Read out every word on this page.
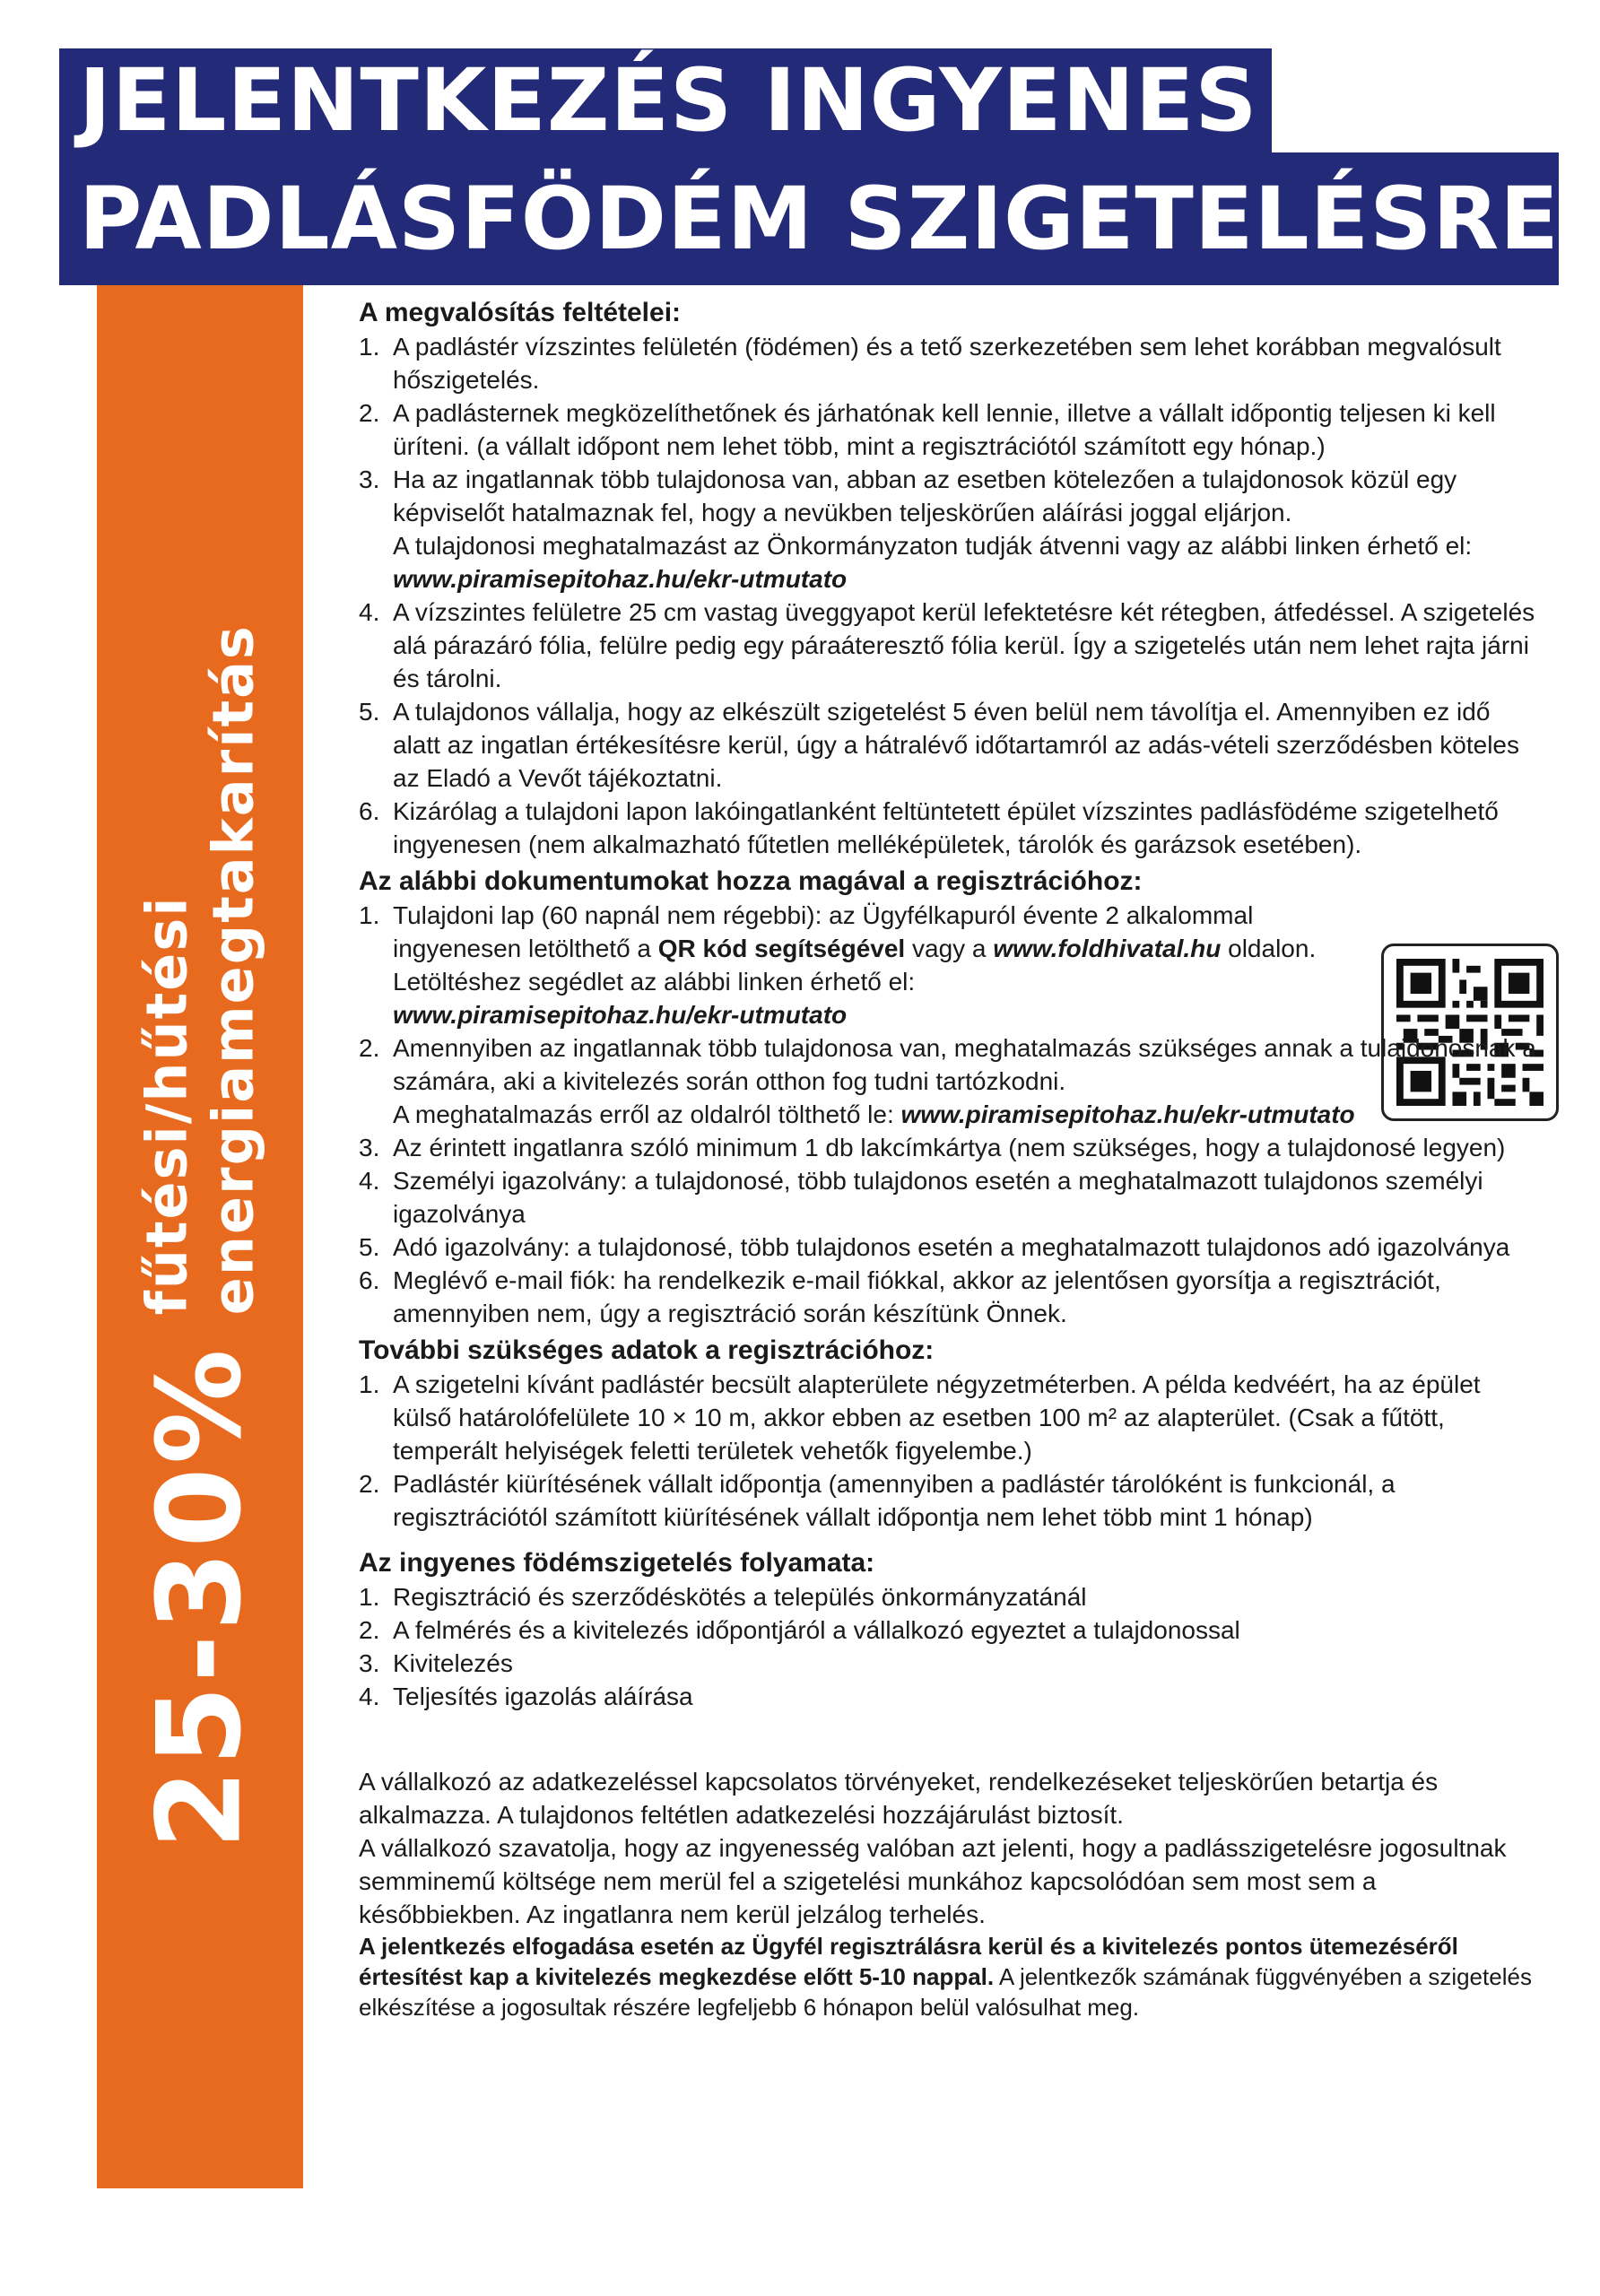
JELENTKEZÉS INGYENES
PADLÁSFÖDÉM SZIGETELÉSRE
25-30%
fűtési/hűtési energiamegtakarítás
A megvalósítás feltételei:
1. A padlástér vízszintes felületén (födémen) és a tető szerkezetében sem lehet korábban megvalósult hőszigetelés.
2. A padlásternek megközelíthetőnek és járhatónak kell lennie, illetve a vállalt időpontig teljesen ki kell üríteni. (a vállalt időpont nem lehet több, mint a regisztrációtól számított egy hónap.)
3. Ha az ingatlannak több tulajdonosa van, abban az esetben kötelezően a tulajdonosok közül egy képviselőt hatalmaznak fel, hogy a nevükben teljeskörűen aláírási joggal eljárjon.
A tulajdonosi meghatalmazást az Önkormányzaton tudják átvenni vagy az alábbi linken érhető el: www.piramisepitohaz.hu/ekr-utmutato
4. A vízszintes felületre 25 cm vastag üveggyapot kerül lefektetésre két rétegben, átfedéssel. A szigetelés alá párazáró fólia, felülre pedig egy páraáteresztő fólia kerül. Így a szigetelés után nem lehet rajta járni és tárolni.
5. A tulajdonos vállalja, hogy az elkészült szigetelést 5 éven belül nem távolítja el. Amennyiben ez idő alatt az ingatlan értékesítésre kerül, úgy a hátralévő időtartamról az adás-vételi szerződésben köteles az Eladó a Vevőt tájékoztatni.
6. Kizárólag a tulajdoni lapon lakóingatlanként feltüntetett épület vízszintes padlásfödéme szigetelhető ingyenesen (nem alkalmazható fűtetlen melléképületek, tárolók és garázsok esetében).
Az alábbi dokumentumokat hozza magával a regisztrációhoz:
1. Tulajdoni lap (60 napnál nem régebbi): az Ügyfélkapuról évente 2 alkalommal ingyenesen letölthető a QR kód segítségével vagy a www.foldhivatal.hu oldalon.
Letöltéshez segédlet az alábbi linken érhető el:
www.piramisepitohaz.hu/ekr-utmutato
2. Amennyiben az ingatlannak több tulajdonosa van, meghatalmazás szükséges annak a tulajdonosnak a számára, aki a kivitelezés során otthon fog tudni tartózkodni.
A meghatalmazás erről az oldalról tölthető le: www.piramisepitohaz.hu/ekr-utmutato
3. Az érintett ingatlanra szóló minimum 1 db lakcímkártya (nem szükséges, hogy a tulajdonosé legyen)
4. Személyi igazolvány: a tulajdonosé, több tulajdonos esetén a meghatalmazott tulajdonos személyi igazolványa
5. Adó igazolvány: a tulajdonosé, több tulajdonos esetén a meghatalmazott tulajdonos adó igazolványa
6. Meglévő e-mail fiók: ha rendelkezik e-mail fiókkal, akkor az jelentősen gyorsítja a regisztrációt, amennyiben nem, úgy a regisztráció során készítünk Önnek.
További szükséges adatok a regisztrációhoz:
1. A szigetelni kívánt padlástér becsült alapterülete négyzetméterben. A példa kedvéért, ha az épület külső határolófelülete 10 × 10 m, akkor ebben az esetben 100 m² az alapterület. (Csak a fűtött, temperált helyiségek feletti területek vehetők figyelembe.)
2. Padlástér kiürítésének vállalt időpontja (amennyiben a padlástér tárolóként is funkcionál, a regisztrációtól számított kiürítésének vállalt időpontja nem lehet több mint 1 hónap)
Az ingyenes födémszigetelés folyamata:
1. Regisztráció és szerződéskötés a település önkormányzatánál
2. A felmérés és a kivitelezés időpontjáról a vállalkozó egyeztet a tulajdonossal
3. Kivitelezés
4. Teljesítés igazolás aláírása

A vállalkozó az adatkezeléssel kapcsolatos törvényeket, rendelkezéseket teljeskörűen betartja és alkalmazza. A tulajdonos feltétlen adatkezelési hozzájárulást biztosít.

A vállalkozó szavatolja, hogy az ingyenesség valóban azt jelenti, hogy a padlásszigetelésre jogosultnak semminemű költsége nem merül fel a szigetelési munkához kapcsolódóan sem most sem a későbbiekben. Az ingatlanra nem kerül jelzálog terhelés.

A jelentkezés elfogadása esetén az Ügyfél regisztrálásra kerül és a kivitelezés pontos ütemezéséről értesítést kap a kivitelezés megkezdése előtt 5-10 nappal. A jelentkezők számának függvényében a szigetelés elkészítése a jogosultak részére legfeljebb 6 hónapon belül valósulhat meg.
